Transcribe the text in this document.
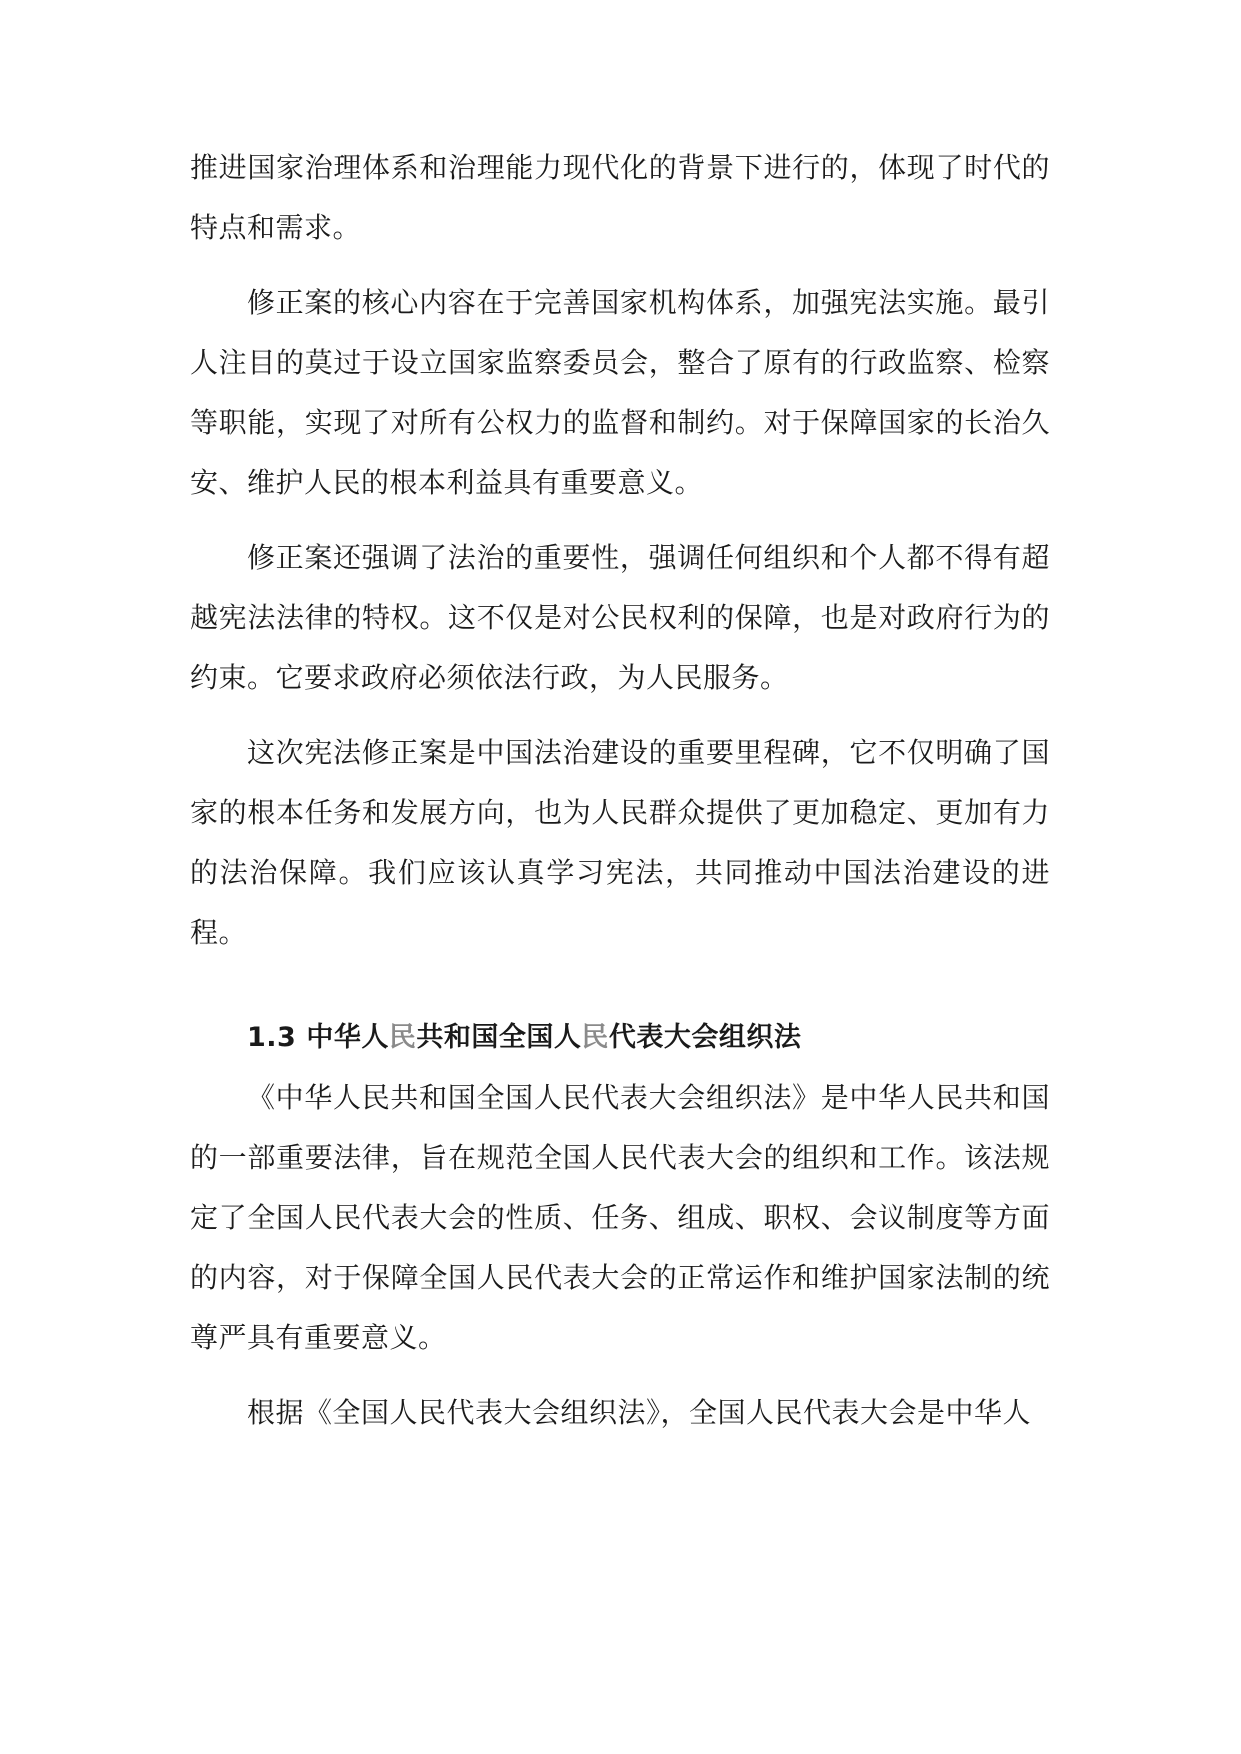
推进国家治理体系和治理能力现代化的背景下进行的，体现了时代的特点和需求。

修正案的核心内容在于完善国家机构体系，加强宪法实施。最引人注目的莫过于设立国家监察委员会，整合了原有的行政监察、检察等职能，实现了对所有公权力的监督和制约。对于保障国家的长治久安、维护人民的根本利益具有重要意义。

修正案还强调了法治的重要性，强调任何组织和个人都不得有超越宪法法律的特权。这不仅是对公民权利的保障，也是对政府行为的约束。它要求政府必须依法行政，为人民服务。

这次宪法修正案是中国法治建设的重要里程碑，它不仅明确了国家的根本任务和发展方向，也为人民群众提供了更加稳定、更加有力的法治保障。我们应该认真学习宪法，共同推动中国法治建设的进程。

1.3 中华人民共和国全国人民代表大会组织法

《中华人民共和国全国人民代表大会组织法》是中华人民共和国的一部重要法律，旨在规范全国人民代表大会的组织和工作。该法规定了全国人民代表大会的性质、任务、组成、职权、会议制度等方面的内容，对于保障全国人民代表大会的正常运作和维护国家法制的统尊严具有重要意义。

根据《全国人民代表大会组织法》，全国人民代表大会是中华人
